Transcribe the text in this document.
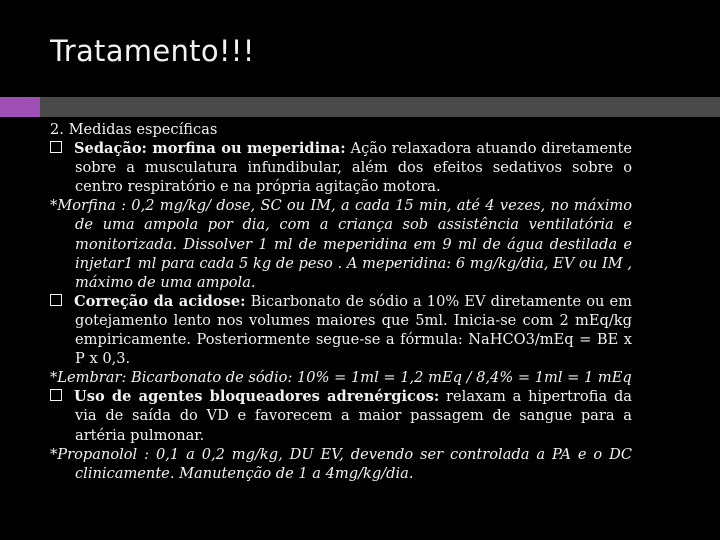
Tratamento!!!

2. Medidas específicas

Sedação: morfina ou meperidina: Ação relaxadora atuando diretamente sobre a musculatura infundibular, além dos efeitos sedativos sobre o centro respiratório e na própria agitação motora.

*Morfina : 0,2 mg/kg/ dose, SC ou IM, a cada 15 min, até 4 vezes, no máximo de uma ampola por dia, com a criança sob assistência ventilatória e monitorizada. Dissolver 1 ml de meperidina em 9 ml de água destilada e injetar1 ml para cada 5 kg de peso . A meperidina: 6 mg/kg/dia, EV ou IM , máximo de uma ampola.

Correção da acidose: Bicarbonato de sódio a 10% EV diretamente ou em gotejamento lento nos volumes maiores que 5ml. Inicia-se com 2 mEq/kg empiricamente. Posteriormente segue-se a fórmula: NaHCO3/mEq = BE x P x 0,3.

*Lembrar: Bicarbonato de sódio: 10% = 1ml = 1,2 mEq / 8,4% = 1ml = 1 mEq

Uso de agentes bloqueadores adrenérgicos: relaxam a hipertrofia da via de saída do VD e favorecem a maior passagem de sangue para a artéria pulmonar.

*Propanolol : 0,1 a 0,2 mg/kg, DU EV, devendo ser controlada a PA e o DC clinicamente. Manutenção de 1 a 4mg/kg/dia.
